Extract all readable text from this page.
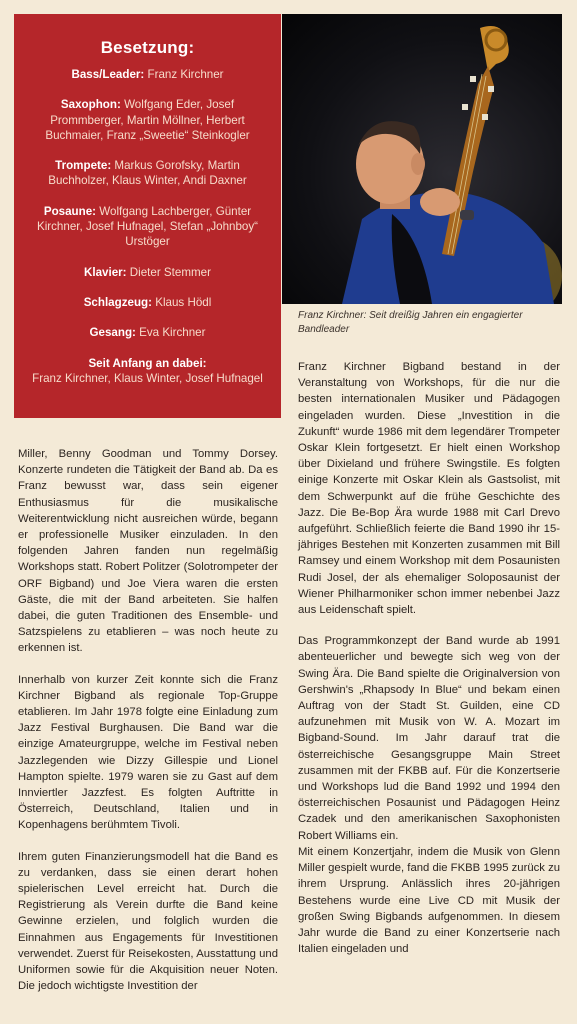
Besetzung:
Bass/Leader: Franz Kirchner
Saxophon: Wolfgang Eder, Josef Prommberger, Martin Möllner, Herbert Buchmaier, Franz „Sweetie“ Steinkogler
Trompete: Markus Gorofsky, Martin Buchholzer, Klaus Winter, Andi Daxner
Posaune: Wolfgang Lachberger, Günter Kirchner, Josef Hufnagel, Stefan „Johnboy“ Urstöger
Klavier: Dieter Stemmer
Schlagzeug: Klaus Hödl
Gesang: Eva Kirchner
Seit Anfang an dabei:
Franz Kirchner, Klaus Winter, Josef Hufnagel
Franz Kirchner: Seit dreißig Jahren ein engagierter Bandleader

Miller, Benny Goodman und Tommy Dorsey. Konzerte rundeten die Tätigkeit der Band ab. Da es Franz bewusst war, dass sein eigener Enthusiasmus für die musikalische Weiterentwicklung nicht ausreichen würde, begann er professionelle Musiker einzuladen. In den folgenden Jahren fanden nun regelmäßig Workshops statt. Robert Politzer (Solotrompeter der ORF Bigband) und Joe Viera waren die ersten Gäste, die mit der Band arbeiteten. Sie halfen dabei, die guten Traditionen des Ensemble- und Satzspielens zu etablieren – was noch heute zu erkennen ist.

Innerhalb von kurzer Zeit konnte sich die Franz Kirchner Bigband als regionale Top-Gruppe etablieren. Im Jahr 1978 folgte eine Einladung zum Jazz Festival Burghausen. Die Band war die einzige Amateurgruppe, welche im Festival neben Jazzlegenden wie Dizzy Gillespie und Lionel Hampton spielte. 1979 waren sie zu Gast auf dem Innviertler Jazzfest. Es folgten Auftritte in Österreich, Deutschland, Italien und in Kopenhagens berühmtem Tivoli.

Ihrem guten Finanzierungsmodell hat die Band es zu verdanken, dass sie einen derart hohen spielerischen Level erreicht hat. Durch die Registrierung als Verein durfte die Band keine Gewinne erzielen, und folglich wurden die Einnahmen aus Engagements für Investitionen verwendet. Zuerst für Reisekosten, Ausstattung und Uniformen sowie für die Akquisition neuer Noten. Die jedoch wichtigste Investition der

Franz Kirchner Bigband bestand in der Veranstaltung von Workshops, für die nur die besten internationalen Musiker und Pädagogen eingeladen wurden. Diese „Investition in die Zukunft“ wurde 1986 mit dem legendärer Trompeter Oskar Klein fortgesetzt. Er hielt einen Workshop über Dixieland und frühere Swingstile. Es folgten einige Konzerte mit Oskar Klein als Gastsolist, mit dem Schwerpunkt auf die frühe Geschichte des Jazz. Die Be-Bop Ära wurde 1988 mit Carl Drevo aufgeführt. Schließlich feierte die Band 1990 ihr 15-jähriges Bestehen mit Konzerten zusammen mit Bill Ramsey und einem Workshop mit dem Posaunisten Rudi Josel, der als ehemaliger Soloposaunist der Wiener Philharmoniker schon immer nebenbei Jazz aus Leidenschaft spielt.

Das Programmkonzept der Band wurde ab 1991 abenteuerlicher und bewegte sich weg von der Swing Ära. Die Band spielte die Originalversion von Gershwin's „Rhapsody In Blue“ und bekam einen Auftrag von der Stadt St. Guilden, eine CD aufzunehmen mit Musik von W. A. Mozart im Bigband-Sound. Im Jahr darauf trat die österreichische Gesangsgruppe Main Street zusammen mit der FKBB auf. Für die Konzertserie und Workshops lud die Band 1992 und 1994 den österreichischen Posaunist und Pädagogen Heinz Czadek und den amerikanischen Saxophonisten Robert Williams ein.

Mit einem Konzertjahr, indem die Musik von Glenn Miller gespielt wurde, fand die FKBB 1995 zurück zu ihrem Ursprung. Anlässlich ihres 20-jährigen Bestehens wurde eine Live CD mit Musik der großen Swing Bigbands aufgenommen. In diesem Jahr wurde die Band zu einer Konzertserie nach Italien eingeladen und
